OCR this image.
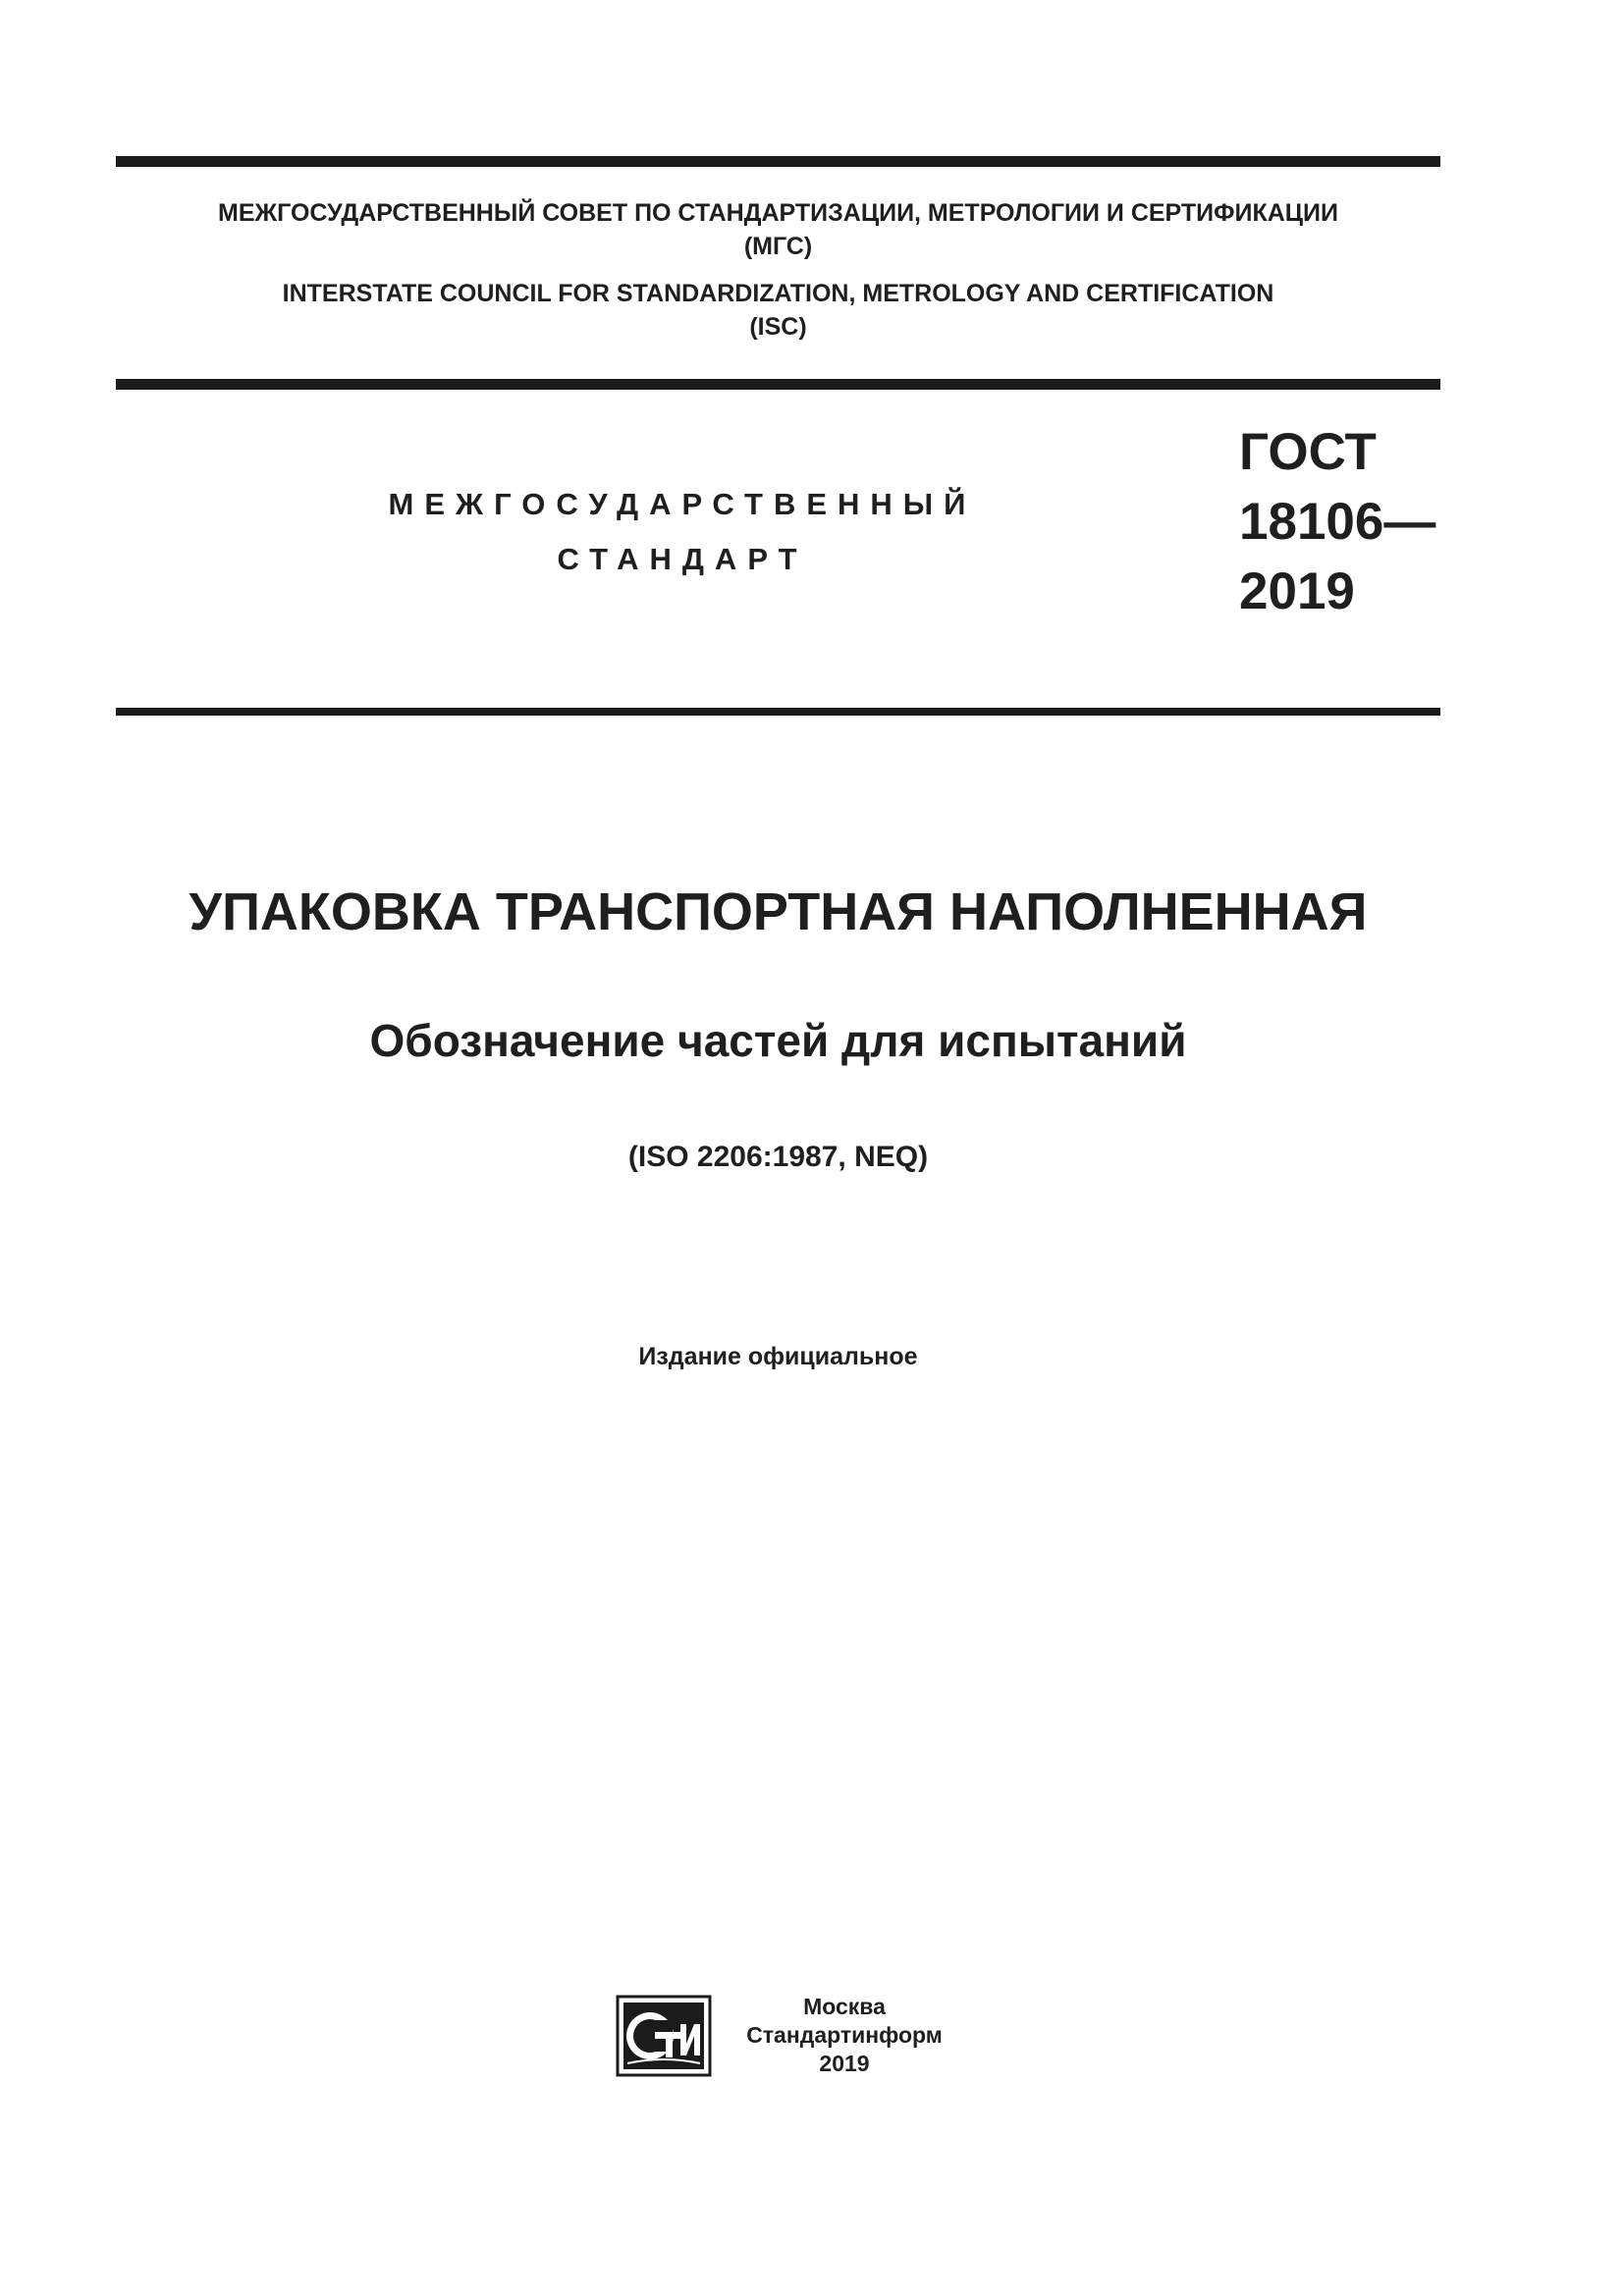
МЕЖГОСУДАРСТВЕННЫЙ СОВЕТ ПО СТАНДАРТИЗАЦИИ, МЕТРОЛОГИИ И СЕРТИФИКАЦИИ
(МГС)
INTERSTATE COUNCIL FOR STANDARDIZATION, METROLOGY AND CERTIFICATION
(ISC)
МЕЖГОСУДАРСТВЕННЫЙ
СТАНДАРТ
ГОСТ
18106—
2019
УПАКОВКА ТРАНСПОРТНАЯ НАПОЛНЕННАЯ
Обозначение частей для испытаний
(ISO 2206:1987, NEQ)
Издание официальное
Москва
Стандартинформ
2019
